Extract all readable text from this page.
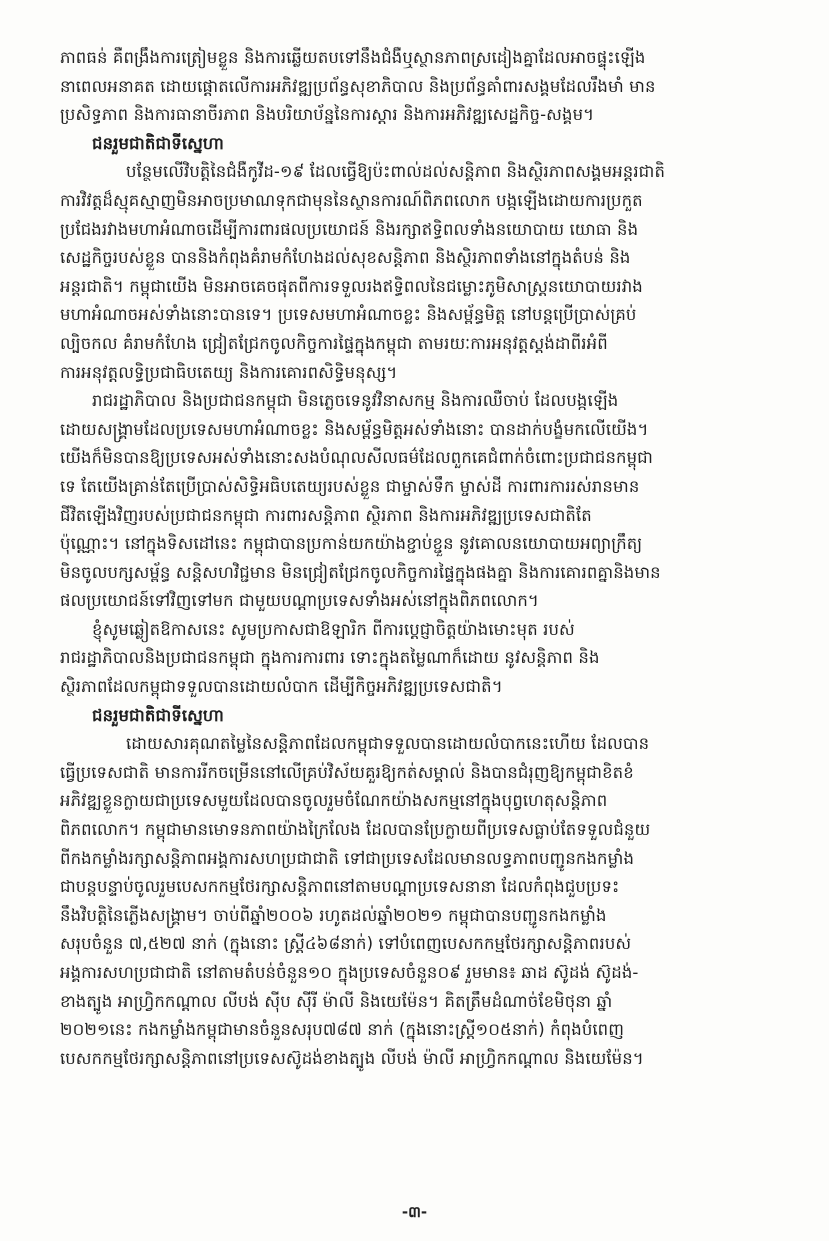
ភាពធន់ គឺពង្រឹងការត្រៀមខ្លួន និងការឆ្លើយតបទៅនឹងជំងឺឬស្ថានភាពស្រដៀងគ្នាដែលអាចផ្ទុះឡើង
នាពេលអនាគត ដោយផ្តោតលើការអភិវឌ្ឍប្រព័ន្ធសុខាភិបាល និងប្រព័ន្ធគាំពារសង្គមដែលរឹងមាំ មាន
ប្រសិទ្ធភាព និងការធានាចីរភាព និងបរិយាប័ន្ននៃការស្តារ និងការអភិវឌ្ឍសេដ្ឋកិច្ច-សង្គម។
ជនរួមជាតិជាទីស្នេហា
បន្ថែមលើវិបត្តិនៃជំងឺកូវីដ-១៩ ដែលធ្វើឱ្យប៉ះពាល់ដល់សន្តិភាព និងស្ថិរភាពសង្គមអន្តរជាតិ
ការវិវត្តដ៏ស្មុគស្មាញមិនអាចប្រមាណទុកជាមុននៃស្ថានការណ៍ពិភពលោក បង្កឡើងដោយការប្រកួត
ប្រជែងរវាងមហាអំណាចដើម្បីការពារផលប្រយោជន៍ និងរក្សាឥទ្ធិពលទាំងនយោបាយ យោធា និង
សេដ្ឋកិច្ចរបស់ខ្លួន បាននិងកំពុងគំរាមកំហែងដល់សុខសន្តិភាព និងស្ថិរភាពទាំងនៅក្នុងតំបន់ និង
អន្តរជាតិ។ កម្ពុជាយើង មិនអាចគេចផុតពីការទទួលរងឥទ្ធិពលនៃជម្លោះភូមិសាស្ត្រនយោបាយរវាង
មហាអំណាចអស់ទាំងនោះបានទេ។ ប្រទេសមហាអំណាចខ្លះ និងសម្ព័ន្ធមិត្ត នៅបន្តប្រើប្រាស់គ្រប់
ល្បិចកល គំរាមកំហែង ជ្រៀតជ្រែកចូលកិច្ចការផ្ទៃក្នុងកម្ពុជា តាមរយៈការអនុវត្តស្តង់ដាពីរអំពី
ការអនុវត្តលទ្ធិប្រជាធិបតេយ្យ និងការគោរពសិទ្ធិមនុស្ស។
រាជរដ្ឋាភិបាល និងប្រជាជនកម្ពុជា មិនភ្លេចទេនូវវិនាសកម្ម និងការឈឺចាប់ ដែលបង្កឡើង
ដោយសង្គ្រាមដែលប្រទេសមហាអំណាចខ្លះ និងសម្ព័ន្ធមិត្តអស់ទាំងនោះ បានដាក់បង្ខំមកលើយើង។
យើងក៏មិនបានឱ្យប្រទេសអស់ទាំងនោះសងបំណុលសីលធម៌ដែលពួកគេជំពាក់ចំពោះប្រជាជនកម្ពុជា
ទេ តែយើងគ្រាន់តែប្រើប្រាស់សិទ្ធិអធិបតេយ្យរបស់ខ្លួន ជាម្ចាស់ទឹក ម្ចាស់ដី ការពារការរស់រានមាន
ជីវិតឡើងវិញរបស់ប្រជាជនកម្ពុជា ការពារសន្តិភាព ស្ថិរភាព និងការអភិវឌ្ឍប្រទេសជាតិតែ
ប៉ុណ្ណោះ។ នៅក្នុងទិសដៅនេះ កម្ពុជាបានប្រកាន់យកយ៉ាងខ្ជាប់ខ្ជួន នូវគោលនយោបាយអព្យាក្រឹត្យ
មិនចូលបក្សសម្ព័ន្ធ សន្តិសហវិជ្ជមាន មិនជ្រៀតជ្រែកចូលកិច្ចការផ្ទៃក្នុងផងគ្នា និងការគោរពគ្នានិងមាន
ផលប្រយោជន៍ទៅវិញទៅមក ជាមួយបណ្តាប្រទេសទាំងអស់នៅក្នុងពិភពលោក។
ខ្ញុំសូមឆ្លៀតឱកាសនេះ សូមប្រកាសជាឱឡារិក ពីការប្តេជ្ញាចិត្តយ៉ាងមោះមុត របស់
រាជរដ្ឋាភិបាលនិងប្រជាជនកម្ពុជា ក្នុងការការពារ ទោះក្នុងតម្លៃណាក៏ដោយ នូវសន្តិភាព និង
ស្ថិរភាពដែលកម្ពុជាទទួលបានដោយលំបាក ដើម្បីកិច្ចអភិវឌ្ឍប្រទេសជាតិ។
ជនរួមជាតិជាទីស្នេហា
ដោយសារគុណតម្លៃនៃសន្តិភាពដែលកម្ពុជាទទួលបានដោយលំបាកនេះហើយ ដែលបាន
ធ្វើប្រទេសជាតិ មានការរីកចម្រើននៅលើគ្រប់វិស័យគួរឱ្យកត់សម្គាល់ និងបានជំរុញឱ្យកម្ពុជាខិតខំ
អភិវឌ្ឍខ្លួនក្លាយជាប្រទេសមួយដែលបានចូលរួមចំណែកយ៉ាងសកម្មនៅក្នុងបុព្វហេតុសន្តិភាព
ពិភពលោក។ កម្ពុជាមានមោទនភាពយ៉ាងក្រៃលែង ដែលបានប្រែក្លាយពីប្រទេសធ្លាប់តែទទួលជំនួយ
ពីកងកម្លាំងរក្សាសន្តិភាពអង្គការសហប្រជាជាតិ ទៅជាប្រទេសដែលមានលទ្ធភាពបញ្ជូនកងកម្លាំង
ជាបន្តបន្ទាប់ចូលរួមបេសកកម្មថែរក្សាសន្តិភាពនៅតាមបណ្តាប្រទេសនានា ដែលកំពុងជួបប្រទះ
នឹងវិបត្តិនៃភ្លើងសង្គ្រាម។ ចាប់ពីឆ្នាំ២០០៦ រហូតដល់ឆ្នាំ២០២១ កម្ពុជាបានបញ្ជូនកងកម្លាំង
សរុបចំនួន ៧,៥២៧ នាក់ (ក្នុងនោះ ស្ត្រី៤៦៨នាក់) ទៅបំពេញបេសកកម្មថែរក្សាសន្តិភាពរបស់
អង្គការសហប្រជាជាតិ នៅតាមតំបន់ចំនួន១០ ក្នុងប្រទេសចំនួន០៩ រួមមាន៖ ឆាដ ស៊ូដង់ ស៊ូដង់-
ខាងត្បូង អាហ្វ្រិកកណ្តាល លីបង់ ស៊ីប ស៊ីរី ម៉ាលី និងយេម៉ែន។ គិតត្រឹមដំណាច់ខែមិថុនា ឆ្នាំ
២០២១នេះ កងកម្លាំងកម្ពុជាមានចំនួនសរុប៧៨៧ នាក់ (ក្នុងនោះស្ត្រី១០៥នាក់) កំពុងបំពេញ
បេសកកម្មថែរក្សាសន្តិភាពនៅប្រទេសស៊ូដង់ខាងត្បូង លីបង់ ម៉ាលី អាហ្វ្រិកកណ្តាល និងយេម៉ែន។
-៣-
